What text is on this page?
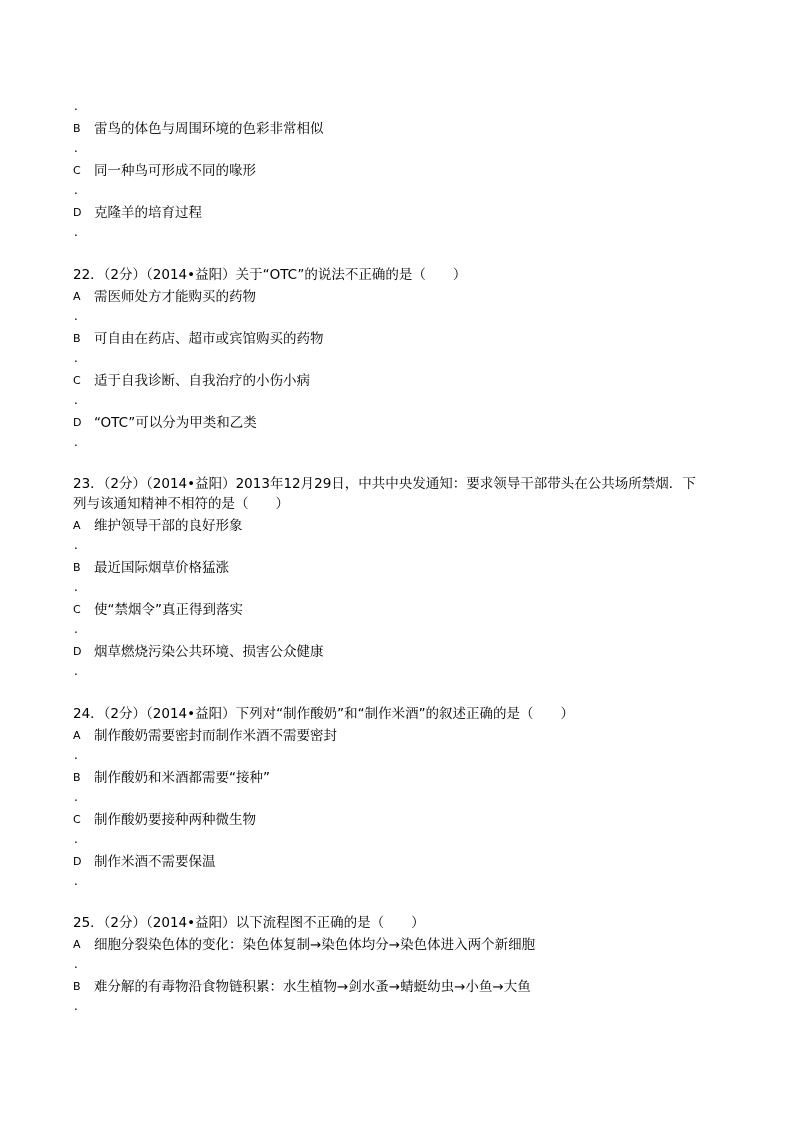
.
B 雷鸟的体色与周围环境的色彩非常相似
.
C 同一种鸟可形成不同的喙形
.
D 克隆羊的培育过程
.
22．（2分）（2014•益阳）关于“OTC”的说法不正确的是（　　）
A 需医师处方才能购买的药物
.
B 可自由在药店、超市或宾馆购买的药物
.
C 适于自我诊断、自我治疗的小伤小病
.
D “OTC”可以分为甲类和乙类
.
23．（2分）（2014•益阳）2013年12月29日，中共中央发通知：要求领导干部带头在公共场所禁烟．下
列与该通知精神不相符的是（　　）
A 维护领导干部的良好形象
.
B 最近国际烟草价格猛涨
.
C 使“禁烟令”真正得到落实
.
D 烟草燃烧污染公共环境、损害公众健康
.
24．（2分）（2014•益阳）下列对“制作酸奶”和“制作米酒”的叙述正确的是（　　）
A 制作酸奶需要密封而制作米酒不需要密封
.
B 制作酸奶和米酒都需要“接种”
.
C 制作酸奶要接种两种微生物
.
D 制作米酒不需要保温
.
25．（2分）（2014•益阳）以下流程图不正确的是（　　）
A 细胞分裂染色体的变化：染色体复制→染色体均分→染色体进入两个新细胞
.
B 难分解的有毒物沿食物链积累：水生植物→剑水蚤→蜻蜓幼虫→小鱼→大鱼
.
